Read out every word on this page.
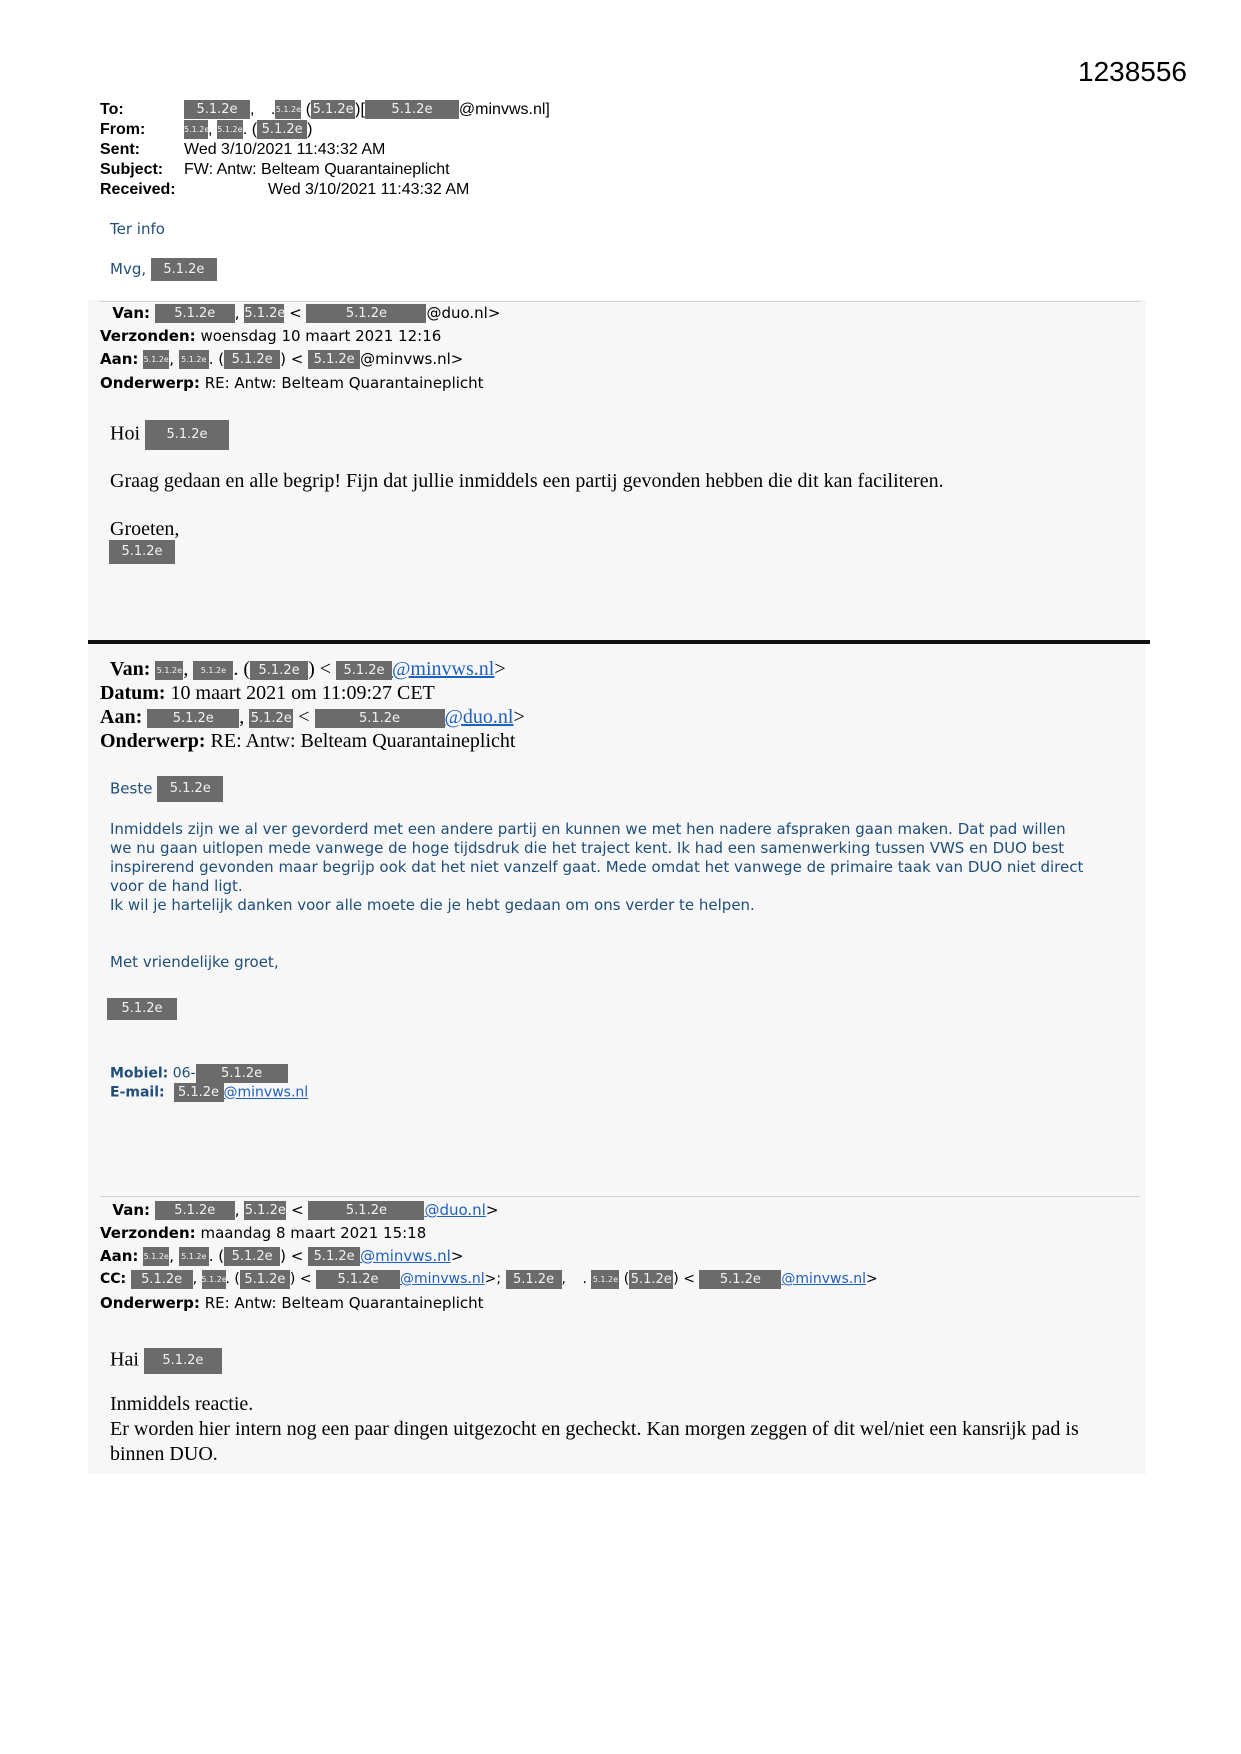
1238556
To:	5.1.2e , .5.1.2e (5.1.2e)[ 5.1.2e @minvws.nl]
From:	5.1.2e, 5.1.2e. ( 5.1.2e )
Sent:	Wed 3/10/2021 11:43:32 AM
Subject: FW: Antw: Belteam Quarantaineplicht
Received:	Wed 3/10/2021 11:43:32 AM
Ter info
Mvg, 5.1.2e
Van: 5.1.2e , 5.1.2e <	5.1.2e	@duo.nl>
Verzonden: woensdag 10 maart 2021 12:16
Aan: 5.1.2e, 5.1.2e . ( 5.1.2e ) < 5.1.2e @minvws.nl>
Onderwerp: RE: Antw: Belteam Quarantaineplicht
Hoi 5.1.2e
Graag gedaan en alle begrip! Fijn dat jullie inmiddels een partij gevonden hebben die dit kan faciliteren.
Groeten,
5.1.2e
Van: 5.1.2e, 5.1.2e . ( 5.1.2e ) < 5.1.2e @minvws.nl>
Datum: 10 maart 2021 om 11:09:27 CET
Aan: 5.1.2e , 5.1.2e <	5.1.2e @duo.nl>
Onderwerp: RE: Antw: Belteam Quarantaineplicht
Beste 5.1.2e
Inmiddels zijn we al ver gevorderd met een andere partij en kunnen we met hen nadere afspraken gaan maken. Dat pad willen
we nu gaan uitlopen mede vanwege de hoge tijdsdruk die het traject kent. Ik had een samenwerking tussen VWS en DUO best
inspirerend gevonden maar begrijp ook dat het niet vanzelf gaat. Mede omdat het vanwege de primaire taak van DUO niet direct
voor de hand ligt.
Ik wil je hartelijk danken voor alle moete die je hebt gedaan om ons verder te helpen.
Met vriendelijke groet,
5.1.2e
Mobiel: 06- 5.1.2e
E-mail: 5.1.2e @minvws.nl
Van: 5.1.2e , 5.1.2e <	5.1.2e @duo.nl>
Verzonden: maandag 8 maart 2021 15:18
Aan: 5.1.2e, 5.1.2e . ( 5.1.2e ) < 5.1.2e @minvws.nl>
CC: 5.1.2e , 5.1.2e. ( 5.1.2e ) < 5.1.2e @minvws.nl>; 5.1.2e , . 5.1.2e (5.1.2e) < 5.1.2e @minvws.nl>
Onderwerp: RE: Antw: Belteam Quarantaineplicht
Hai 5.1.2e
Inmiddels reactie.
Er worden hier intern nog een paar dingen uitgezocht en gecheckt. Kan morgen zeggen of dit wel/niet een kansrijk pad is
binnen DUO.
